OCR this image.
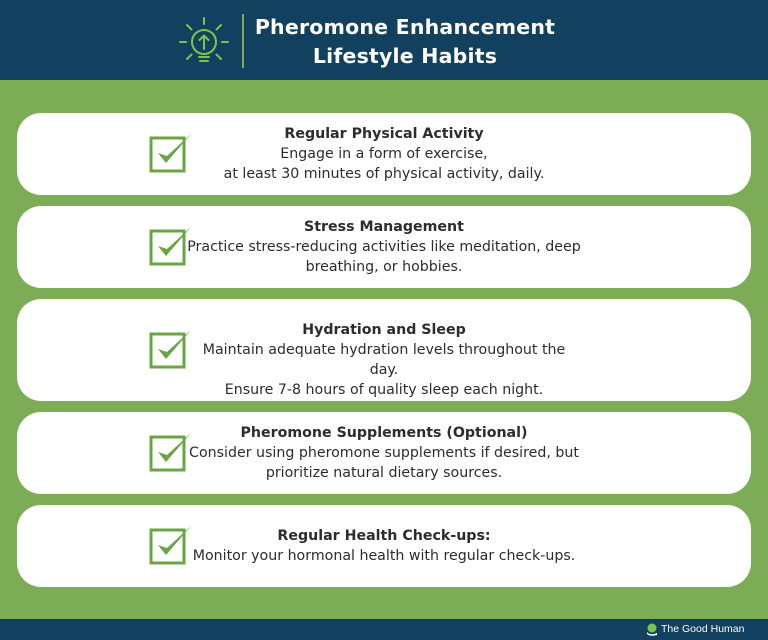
Pheromone Enhancement
Lifestyle Habits
Regular Physical Activity
Engage in a form of exercise,
at least 30 minutes of physical activity, daily.
Stress Management
Practice stress-reducing activities like meditation, deep
breathing, or hobbies.
Hydration and Sleep
Maintain adequate hydration levels throughout the day.
Ensure 7-8 hours of quality sleep each night.
Pheromone Supplements (Optional)
Consider using pheromone supplements if desired, but
prioritize natural dietary sources.
Regular Health Check-ups:
Monitor your hormonal health with regular check-ups.
The Good Human
